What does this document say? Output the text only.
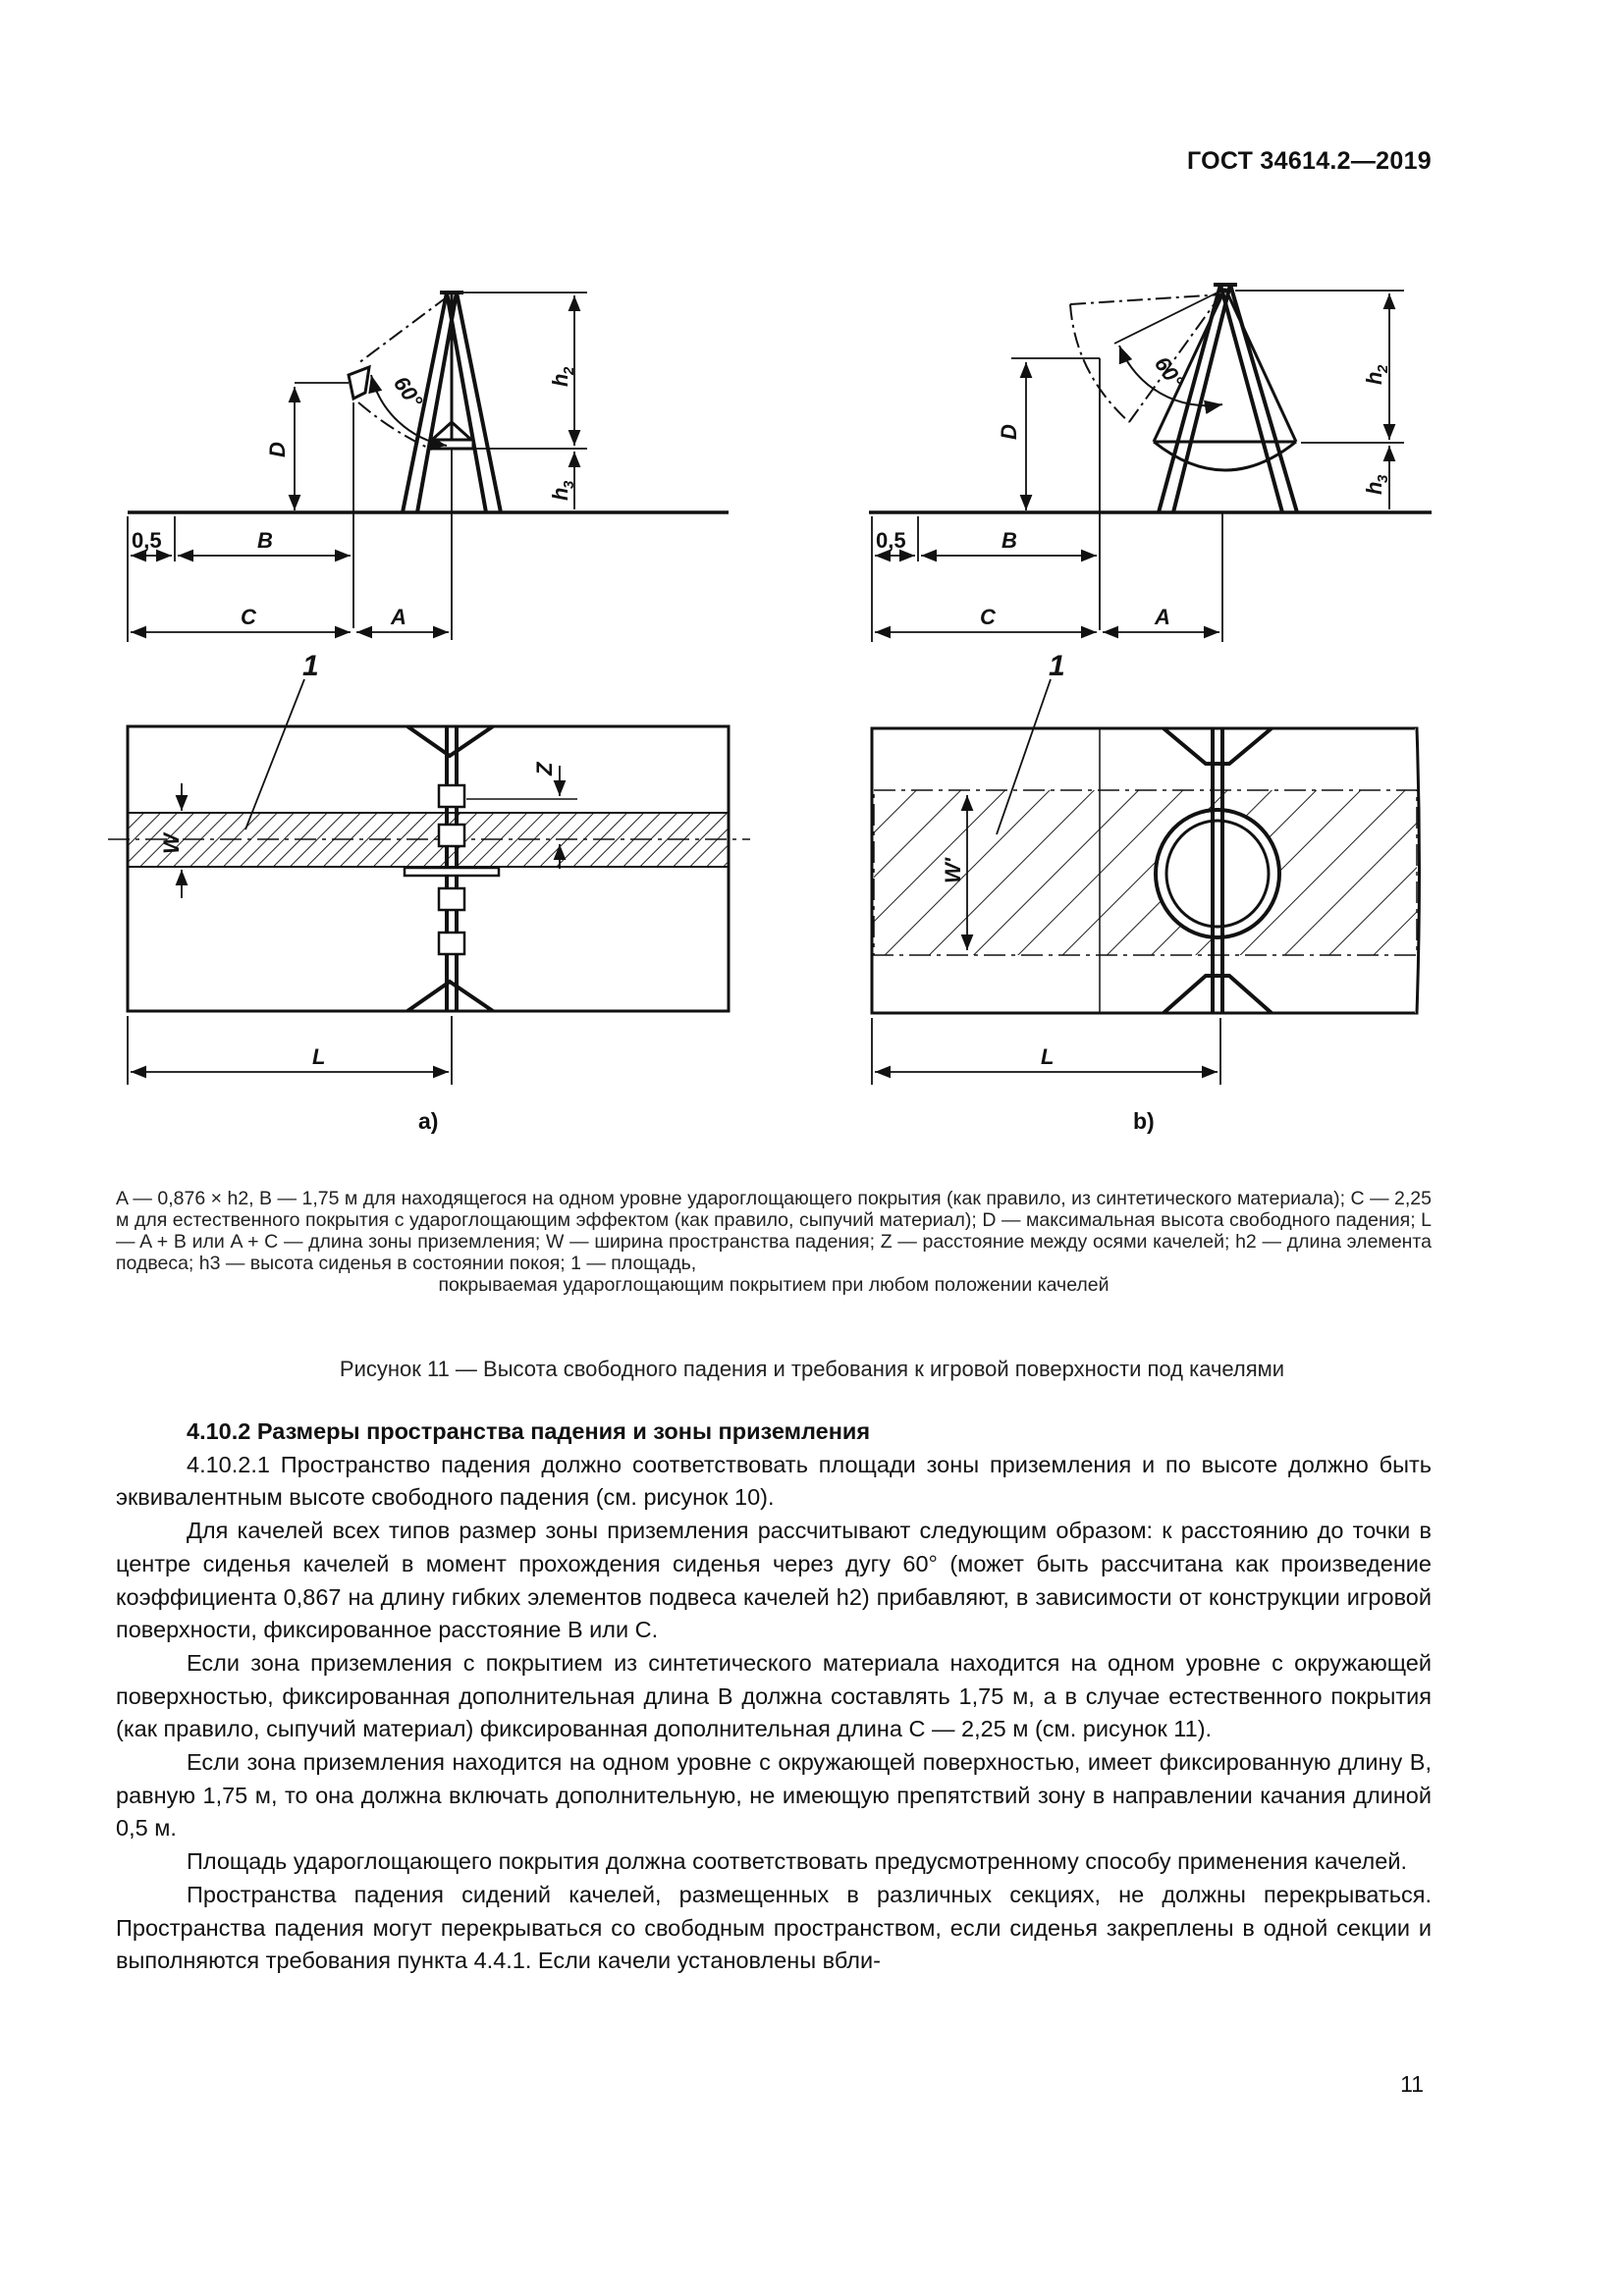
ГОСТ 34614.2—2019
60°
D
h
2
h
3
0,5	B
C	A
1
Z
W
L
a)
60°
D
h
2
h
3
0,5	B
C	A
1
W'
L
b)

A — 0,876 × h2, B — 1,75 м для находящегося на одном уровне удароглощающего покрытия (как правило, из синтетического материала); C — 2,25 м для естественного покрытия с удароглощающим эффектом (как правило, сыпучий материал); D — максимальная высота свободного падения; L — A + B или A + C — длина зоны приземления; W — ширина пространства падения; Z — расстояние между осями качелей; h2 — длина элемента подвеса; h3 — высота сиденья в состоянии покоя; 1 — площадь,

покрываемая удароглощающим покрытием при любом положении качелей

Рисунок 11 — Высота свободного падения и требования к игровой поверхности под качелями
4.10.2 Размеры пространства падения и зоны приземления

4.10.2.1 Пространство падения должно соответствовать площади зоны приземления и по высоте должно быть эквивалентным высоте свободного падения (см. рисунок 10).

Для качелей всех типов размер зоны приземления рассчитывают следующим образом: к расстоянию до точки в центре сиденья качелей в момент прохождения сиденья через дугу 60° (может быть рассчитана как произведение коэффициента 0,867 на длину гибких элементов подвеса качелей h2) прибавляют, в зависимости от конструкции игровой поверхности, фиксированное расстояние B или C.

Если зона приземления с покрытием из синтетического материала находится на одном уровне с окружающей поверхностью, фиксированная дополнительная длина B должна составлять 1,75 м, а в случае естественного покрытия (как правило, сыпучий материал) фиксированная дополнительная длина C — 2,25 м (см. рисунок 11).

Если зона приземления находится на одном уровне с окружающей поверхностью, имеет фиксированную длину B, равную 1,75 м, то она должна включать дополнительную, не имеющую препятствий зону в направлении качания длиной 0,5 м.

Площадь удароглощающего покрытия должна соответствовать предусмотренному способу применения качелей.

Пространства падения сидений качелей, размещенных в различных секциях, не должны перекрываться. Пространства падения могут перекрываться со свободным пространством, если сиденья закреплены в одной секции и выполняются требования пункта 4.4.1. Если качели установлены вбли-

11
